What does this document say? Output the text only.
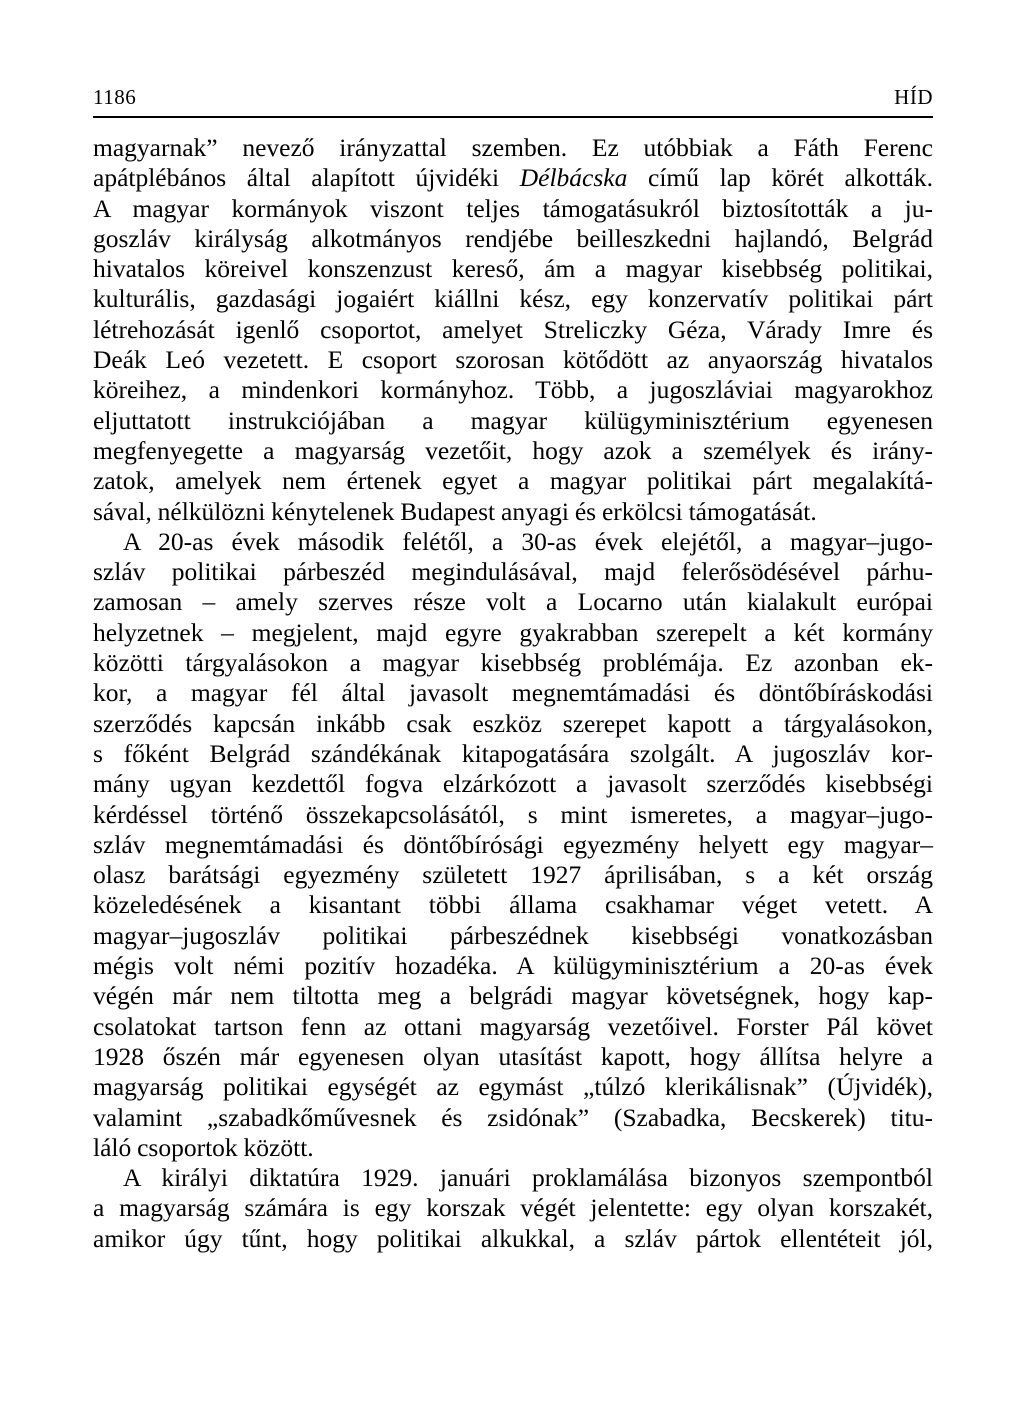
1186	HÍD

magyarnak” nevező irányzattal szemben. Ez utóbbiak a Fáth Ferenc
apátplébános által alapított újvidéki Délbácska című lap körét alkották.
A magyar kormányok viszont teljes támogatásukról biztosították a ju-
goszláv királyság alkotmányos rendjébe beilleszkedni hajlandó, Belgrád
hivatalos köreivel konszenzust kereső, ám a magyar kisebbség politikai,
kulturális, gazdasági jogaiért kiállni kész, egy konzervatív politikai párt
létrehozását igenlő csoportot, amelyet Streliczky Géza, Várady Imre és
Deák Leó vezetett. E csoport szorosan kötődött az anyaország hivatalos
köreihez, a mindenkori kormányhoz. Több, a jugoszláviai magyarokhoz
eljuttatott instrukciójában a magyar külügyminisztérium egyenesen
megfenyegette a magyarság vezetőit, hogy azok a személyek és irány-
zatok, amelyek nem értenek egyet a magyar politikai párt megalakítá-
sával, nélkülözni kénytelenek Budapest anyagi és erkölcsi támogatását.

A 20-as évek második felétől, a 30-as évek elejétől, a magyar–jugo-
szláv politikai párbeszéd megindulásával, majd felerősödésével párhu-
zamosan – amely szerves része volt a Locarno után kialakult európai
helyzetnek – megjelent, majd egyre gyakrabban szerepelt a két kormány
közötti tárgyalásokon a magyar kisebbség problémája. Ez azonban ek-
kor, a magyar fél által javasolt megnemtámadási és döntőbíráskodási
szerződés kapcsán inkább csak eszköz szerepet kapott a tárgyalásokon,
s főként Belgrád szándékának kitapogatására szolgált. A jugoszláv kor-
mány ugyan kezdettől fogva elzárkózott a javasolt szerződés kisebbségi
kérdéssel történő összekapcsolásától, s mint ismeretes, a magyar–jugo-
szláv megnemtámadási és döntőbírósági egyezmény helyett egy magyar–
olasz barátsági egyezmény született 1927 áprilisában, s a két ország
közeledésének a kisantant többi állama csakhamar véget vetett. A
magyar–jugoszláv politikai párbeszédnek kisebbségi vonatkozásban
mégis volt némi pozitív hozadéka. A külügyminisztérium a 20-as évek
végén már nem tiltotta meg a belgrádi magyar követségnek, hogy kap-
csolatokat tartson fenn az ottani magyarság vezetőivel. Forster Pál követ
1928 őszén már egyenesen olyan utasítást kapott, hogy állítsa helyre a
magyarság politikai egységét az egymást „túlzó klerikálisnak” (Újvidék),
valamint „szabadkőművesnek és zsidónak” (Szabadka, Becskerek) titu-
láló csoportok között.

A királyi diktatúra 1929. januári proklamálása bizonyos szempontból
a magyarság számára is egy korszak végét jelentette: egy olyan korszakét,
amikor úgy tűnt, hogy politikai alkukkal, a szláv pártok ellentéteit jól,
